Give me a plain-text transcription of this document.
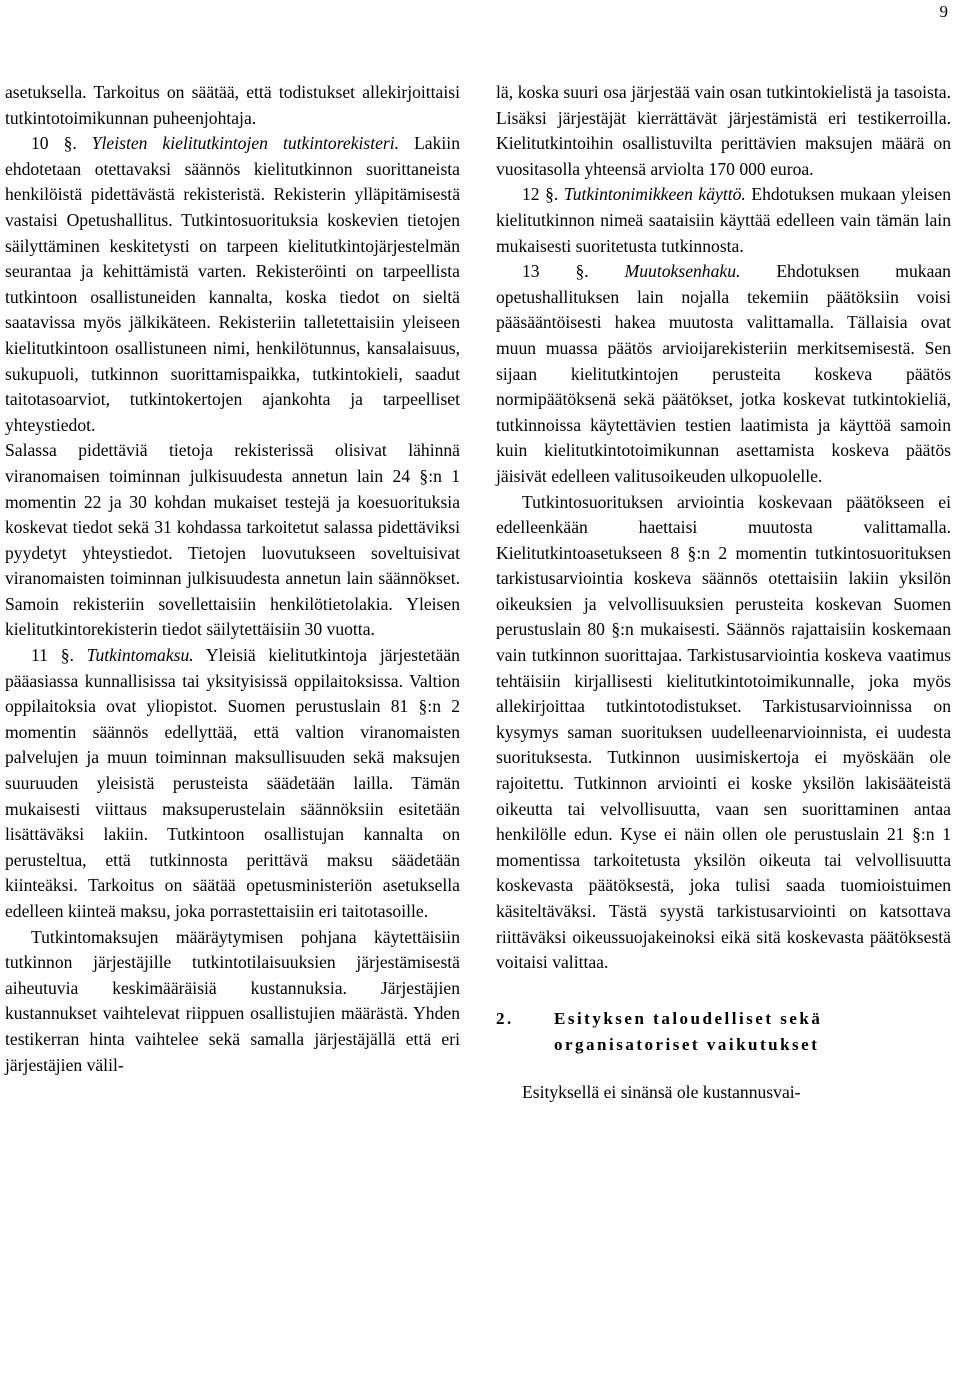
9

asetuksella. Tarkoitus on säätää, että todistukset allekirjoittaisi tutkintotoimikunnan puheenjohtaja.

10 §. Yleisten kielitutkintojen tutkintorekisteri. Lakiin ehdotetaan otettavaksi säännös kielitutkinnon suorittaneista henkilöistä pidettävästä rekisteristä. Rekisterin ylläpitämisestä vastaisi Opetushallitus. Tutkintosuorituksia koskevien tietojen säilyttäminen keskitetysti on tarpeen kielitutkintojärjestelmän seurantaa ja kehittämistä varten. Rekisteröinti on tarpeellista tutkintoon osallistuneiden kannalta, koska tiedot on sieltä saatavissa myös jälkikäteen. Rekisteriin talletettaisiin yleiseen kielitutkintoon osallistuneen nimi, henkilötunnus, kansalaisuus, sukupuoli, tutkinnon suorittamispaikka, tutkintokieli, saadut taitotasoarviot, tutkintokertojen ajankohta ja tarpeelliset yhteystiedot.

Salassa pidettäviä tietoja rekisterissä olisivat lähinnä viranomaisen toiminnan julkisuudesta annetun lain 24 §:n 1 momentin 22 ja 30 kohdan mukaiset testejä ja koesuorituksia koskevat tiedot sekä 31 kohdassa tarkoitetut salassa pidettäviksi pyydetyt yhteystiedot. Tietojen luovutukseen soveltuisivat viranomaisten toiminnan julkisuudesta annetun lain säännökset. Samoin rekisteriin sovellettaisiin henkilötietolakia. Yleisen kielitutkintorekisterin tiedot säilytettäisiin 30 vuotta.

11 §. Tutkintomaksu. Yleisiä kielitutkintoja järjestetään pääasiassa kunnallisissa tai yksityisissä oppilaitoksissa. Valtion oppilaitoksia ovat yliopistot. Suomen perustuslain 81 §:n 2 momentin säännös edellyttää, että valtion viranomaisten palvelujen ja muun toiminnan maksullisuuden sekä maksujen suuruuden yleisistä perusteista säädetään lailla. Tämän mukaisesti viittaus maksuperustelain säännöksiin esitetään lisättäväksi lakiin. Tutkintoon osallistujan kannalta on perusteltua, että tutkinnosta perittävä maksu säädetään kiinteäksi. Tarkoitus on säätää opetusministeriön asetuksella edelleen kiinteä maksu, joka porrastettaisiin eri taitotasoille.

Tutkintomaksujen määräytymisen pohjana käytettäisiin tutkinnon järjestäjille tutkintotilaisuuksien järjestämisestä aiheutuvia keskimääräisiä kustannuksia. Järjestäjien kustannukset vaihtelevat riippuen osallistujien määrästä. Yhden testikerran hinta vaihtelee sekä samalla järjestäjällä että eri järjestäjien välil-

lä, koska suuri osa järjestää vain osan tutkintokielistä ja tasoista. Lisäksi järjestäjät kierrättävät järjestämistä eri testikerroilla. Kielitutkintoihin osallistuvilta perittävien maksujen määrä on vuositasolla yhteensä arviolta 170 000 euroa.

12 §. Tutkintonimikkeen käyttö. Ehdotuksen mukaan yleisen kielitutkinnon nimeä saataisiin käyttää edelleen vain tämän lain mukaisesti suoritetusta tutkinnosta.

13 §. Muutoksenhaku. Ehdotuksen mukaan opetushallituksen lain nojalla tekemiin päätöksiin voisi pääsääntöisesti hakea muutosta valittamalla. Tällaisia ovat muun muassa päätös arvioijarekisteriin merkitsemisestä. Sen sijaan kielitutkintojen perusteita koskeva päätös normipäätöksenä sekä päätökset, jotka koskevat tutkintokieliä, tutkinnoissa käytettävien testien laatimista ja käyttöä samoin kuin kielitutkintotoimikunnan asettamista koskeva päätös jäisivät edelleen valitusoikeuden ulkopuolelle.

Tutkintosuorituksen arviointia koskevaan päätökseen ei edelleenkään haettaisi muutosta valittamalla. Kielitutkintoasetukseen 8 §:n 2 momentin tutkintosuorituksen tarkistusarviointia koskeva säännös otettaisiin lakiin yksilön oikeuksien ja velvollisuuksien perusteita koskevan Suomen perustuslain 80 §:n mukaisesti. Säännös rajattaisiin koskemaan vain tutkinnon suorittajaa. Tarkistusarviointia koskeva vaatimus tehtäisiin kirjallisesti kielitutkintotoimikunnalle, joka myös allekirjoittaa tutkintotodistukset. Tarkistusarvioinnissa on kysymys saman suorituksen uudelleenarvioinnista, ei uudesta suorituksesta. Tutkinnon uusimiskertoja ei myöskään ole rajoitettu. Tutkinnon arviointi ei koske yksilön lakisääteistä oikeutta tai velvollisuutta, vaan sen suorittaminen antaa henkilölle edun. Kyse ei näin ollen ole perustuslain 21 §:n 1 momentissa tarkoitetusta yksilön oikeuta tai velvollisuutta koskevasta päätöksestä, joka tulisi saada tuomioistuimen käsiteltäväksi. Tästä syystä tarkistusarviointi on katsottava riittäväksi oikeussuojakeinoksi eikä sitä koskevasta päätöksestä voitaisi valittaa.

2.	Esityksen taloudelliset sekä organisatoriset vaikutukset

Esityksellä ei sinänsä ole kustannusvai-
